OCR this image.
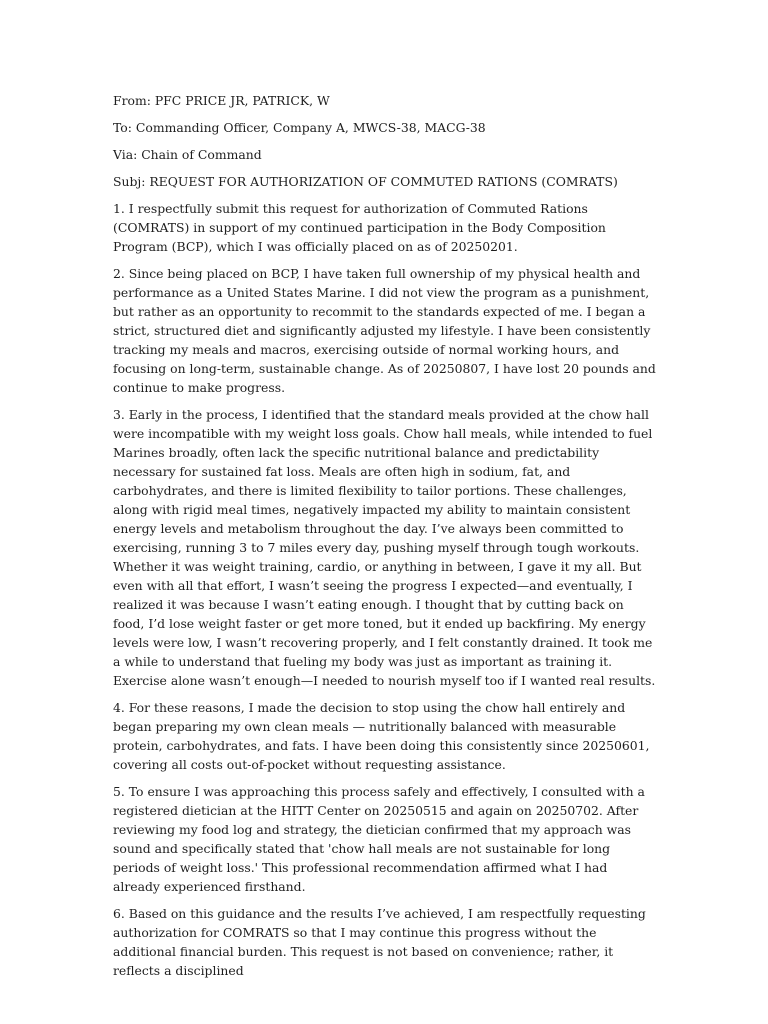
From: PFC PRICE JR, PATRICK, W
To: Commanding Officer, Company A, MWCS-38, MACG-38
Via: Chain of Command
Subj: REQUEST FOR AUTHORIZATION OF COMMUTED RATIONS (COMRATS)

1. I respectfully submit this request for authorization of Commuted Rations (COMRATS) in support of my continued participation in the Body Composition Program (BCP), which I was officially placed on as of 20250201.

2. Since being placed on BCP, I have taken full ownership of my physical health and performance as a United States Marine. I did not view the program as a punishment, but rather as an opportunity to recommit to the standards expected of me. I began a strict, structured diet and significantly adjusted my lifestyle. I have been consistently tracking my meals and macros, exercising outside of normal working hours, and focusing on long-term, sustainable change. As of 20250807, I have lost 20 pounds and continue to make progress.

3. Early in the process, I identified that the standard meals provided at the chow hall were incompatible with my weight loss goals. Chow hall meals, while intended to fuel Marines broadly, often lack the specific nutritional balance and predictability necessary for sustained fat loss. Meals are often high in sodium, fat, and carbohydrates, and there is limited flexibility to tailor portions. These challenges, along with rigid meal times, negatively impacted my ability to maintain consistent energy levels and metabolism throughout the day. I’ve always been committed to exercising, running 3 to 7 miles every day, pushing myself through tough workouts. Whether it was weight training, cardio, or anything in between, I gave it my all. But even with all that effort, I wasn’t seeing the progress I expected—and eventually, I realized it was because I wasn’t eating enough. I thought that by cutting back on food, I’d lose weight faster or get more toned, but it ended up backfiring. My energy levels were low, I wasn’t recovering properly, and I felt constantly drained. It took me a while to understand that fueling my body was just as important as training it. Exercise alone wasn’t enough—I needed to nourish myself too if I wanted real results.

4. For these reasons, I made the decision to stop using the chow hall entirely and began preparing my own clean meals — nutritionally balanced with measurable protein, carbohydrates, and fats. I have been doing this consistently since 20250601, covering all costs out-of-pocket without requesting assistance.

5. To ensure I was approaching this process safely and effectively, I consulted with a registered dietician at the HITT Center on 20250515 and again on 20250702. After reviewing my food log and strategy, the dietician confirmed that my approach was sound and specifically stated that 'chow hall meals are not sustainable for long periods of weight loss.' This professional recommendation affirmed what I had already experienced firsthand.

6. Based on this guidance and the results I’ve achieved, I am respectfully requesting authorization for COMRATS so that I may continue this progress without the additional financial burden. This request is not based on convenience; rather, it reflects a disciplined
